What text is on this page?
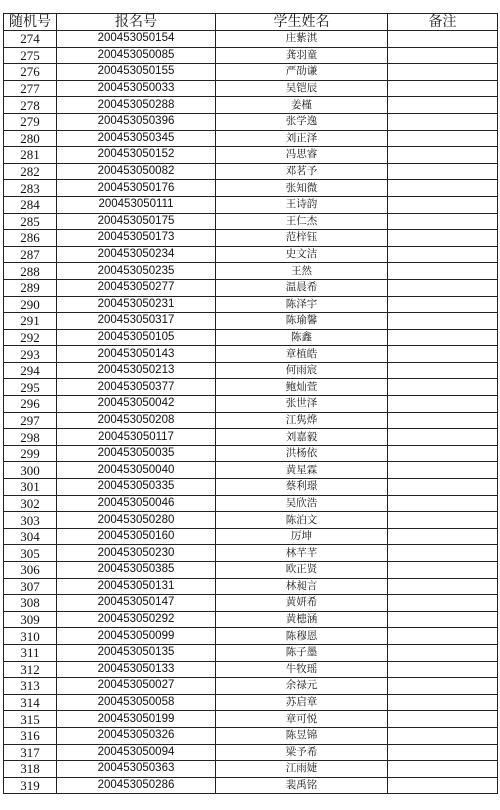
随机号	报名号	学生姓名	备注
274	200453050154	庄紫淇	
275	200453050085	龚羽童	
276	200453050155	严劭谦	
277	200453050033	吴铠辰	
278	200453050288	姜槿	
279	200453050396	张学逸	
280	200453050345	刘正泽	
281	200453050152	冯思睿	
282	200453050082	邓茗予	
283	200453050176	张知微	
284	200453050111	王诗韵	
285	200453050175	王仁杰	
286	200453050173	范梓钰	
287	200453050234	史文洁	
288	200453050235	王然	
289	200453050277	温晨希	
290	200453050231	陈泽宇	
291	200453050317	陈瑜馨	
292	200453050105	陈鑫	
293	200453050143	章植皓	
294	200453050213	何雨宸	
295	200453050377	鲍灿萱	
296	200453050042	张世泽	
297	200453050208	江隽烨	
298	200453050117	刘嘉毅	
299	200453050035	洪杨依	
300	200453050040	黄星霖	
301	200453050335	蔡利璟	
302	200453050046	吴欣浩	
303	200453050280	陈泊文	
304	200453050160	厉坤	
305	200453050230	林芊芊	
306	200453050385	欧正贤	
307	200453050131	林昶言	
308	200453050147	黄妍希	
309	200453050292	黄槵涵	
310	200453050099	陈穆恩	
311	200453050135	陈子墨	
312	200453050133	牛牧瑶	
313	200453050027	余禄元	
314	200453050058	苏启章	
315	200453050199	章可悦	
316	200453050326	陈昱锦	
317	200453050094	梁予希	
318	200453050363	江雨婕	
319	200453050286	裴禹铭	
